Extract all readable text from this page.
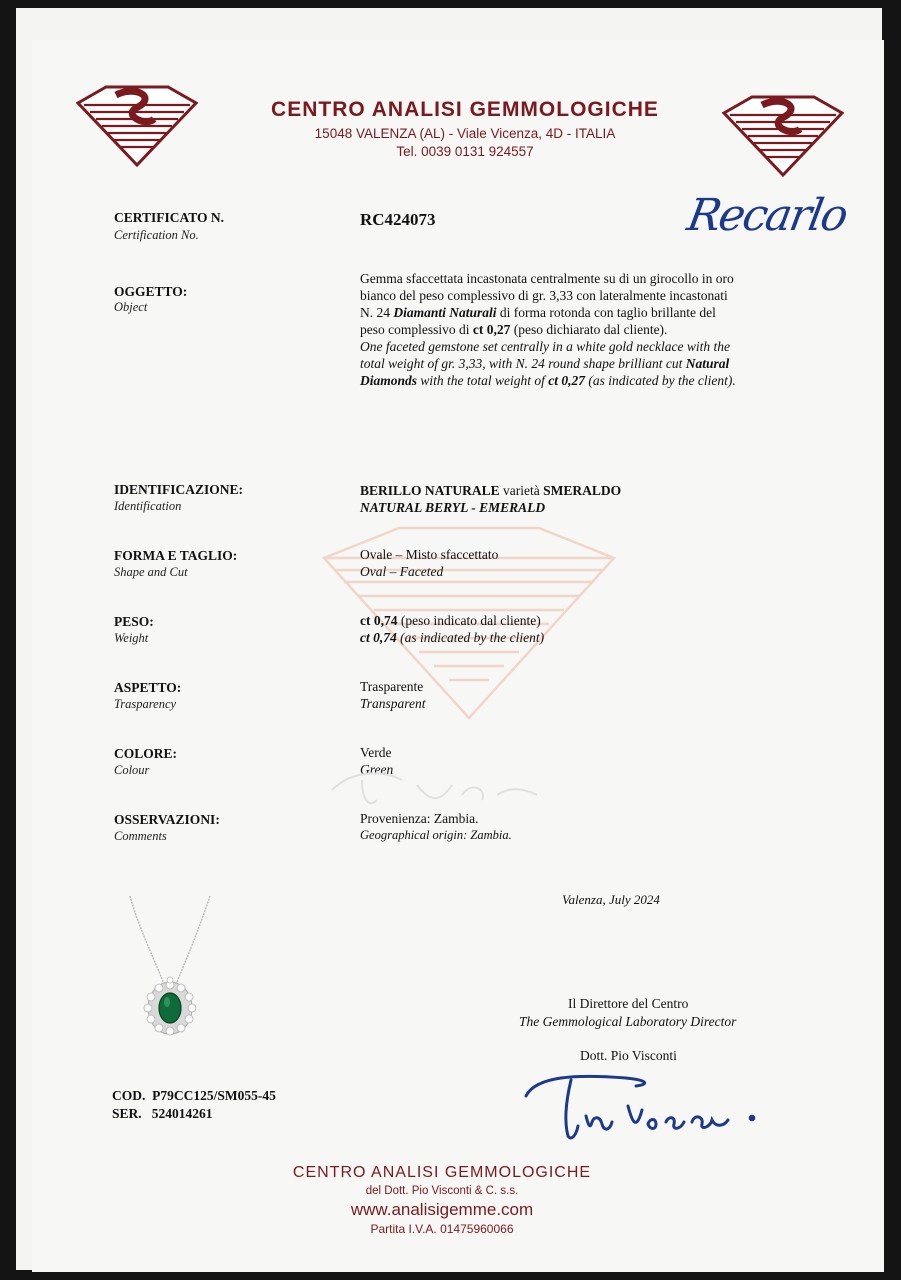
CENTRO ANALISI GEMMOLOGICHE
15048 VALENZA (AL) - Viale Vicenza, 4D - ITALIA
Tel. 0039 0131 924557
Recarlo
CERTIFICATO N.
Certification No.
RC424073
OGGETTO:
Object
Gemma sfaccettata incastonata centralmente su di un girocollo in oro
bianco del peso complessivo di gr. 3,33 con lateralmente incastonati
N. 24 Diamanti Naturali di forma rotonda con taglio brillante del
peso complessivo di ct 0,27 (peso dichiarato dal cliente).
One faceted gemstone set centrally in a white gold necklace with the
total weight of gr. 3,33, with N. 24 round shape brilliant cut Natural
Diamonds with the total weight of ct 0,27 (as indicated by the client).
IDENTIFICAZIONE:
Identification
BERILLO NATURALE varietà SMERALDO
NATURAL BERYL - EMERALD
FORMA E TAGLIO:
Shape and Cut
Ovale – Misto sfaccettato
Oval – Faceted
PESO:
Weight
ct 0,74 (peso indicato dal cliente)
ct 0,74 (as indicated by the client)
ASPETTO:
Trasparency
Trasparente
Transparent
COLORE:
Colour
Verde
Green
OSSERVAZIONI:
Comments
Provenienza: Zambia.
Geographical origin: Zambia.
Valenza, July 2024
Il Direttore del Centro
The Gemmological Laboratory Director
Dott. Pio Visconti
COD. P79CC125/SM055-45
SER. 524014261
CENTRO ANALISI GEMMOLOGICHE
del Dott. Pio Visconti & C. s.s.
www.analisigemme.com
Partita I.V.A. 01475960066
